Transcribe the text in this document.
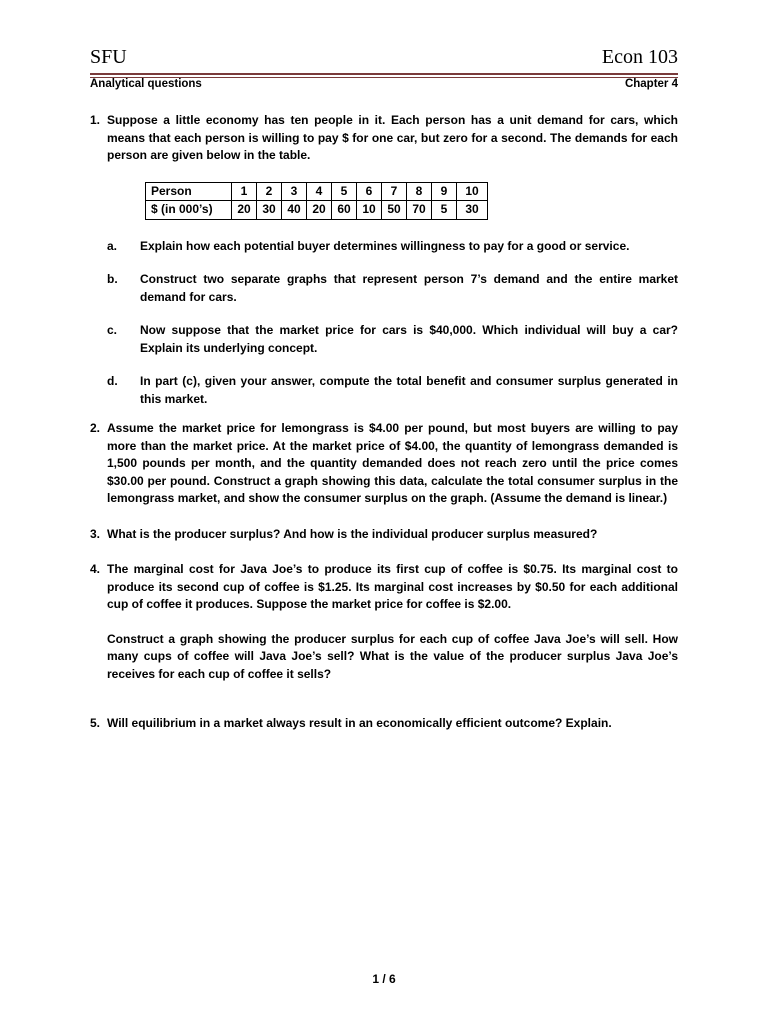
SFU	Econ 103
Analytical questions	Chapter 4
1. Suppose a little economy has ten people in it. Each person has a unit demand for cars, which means that each person is willing to pay $ for one car, but zero for a second. The demands for each person are given below in the table.

Person	1	2	3	4	5	6	7	8	9	10
$ (in 000’s)	20	30	40	20	60	10	50	70	5	30
a.	Explain how each potential buyer determines willingness to pay for a good or service.
b.	Construct two separate graphs that represent person 7’s demand and the entire market demand for cars.
c.	Now suppose that the market price for cars is $40,000. Which individual will buy a car? Explain its underlying concept.
d.	In part (c), given your answer, compute the total benefit and consumer surplus generated in this market.
2. Assume the market price for lemongrass is $4.00 per pound, but most buyers are willing to pay more than the market price. At the market price of $4.00, the quantity of lemongrass demanded is 1,500 pounds per month, and the quantity demanded does not reach zero until the price comes $30.00 per pound. Construct a graph showing this data, calculate the total consumer surplus in the lemongrass market, and show the consumer surplus on the graph. (Assume the demand is linear.)

3. What is the producer surplus? And how is the individual producer surplus measured?

4. The marginal cost for Java Joe’s to produce its first cup of coffee is $0.75. Its marginal cost to produce its second cup of coffee is $1.25. Its marginal cost increases by $0.50 for each additional cup of coffee it produces. Suppose the market price for coffee is $2.00.

Construct a graph showing the producer surplus for each cup of coffee Java Joe’s will sell. How many cups of coffee will Java Joe’s sell? What is the value of the producer surplus Java Joe’s receives for each cup of coffee it sells?

5. Will equilibrium in a market always result in an economically efficient outcome? Explain.

1 / 6
